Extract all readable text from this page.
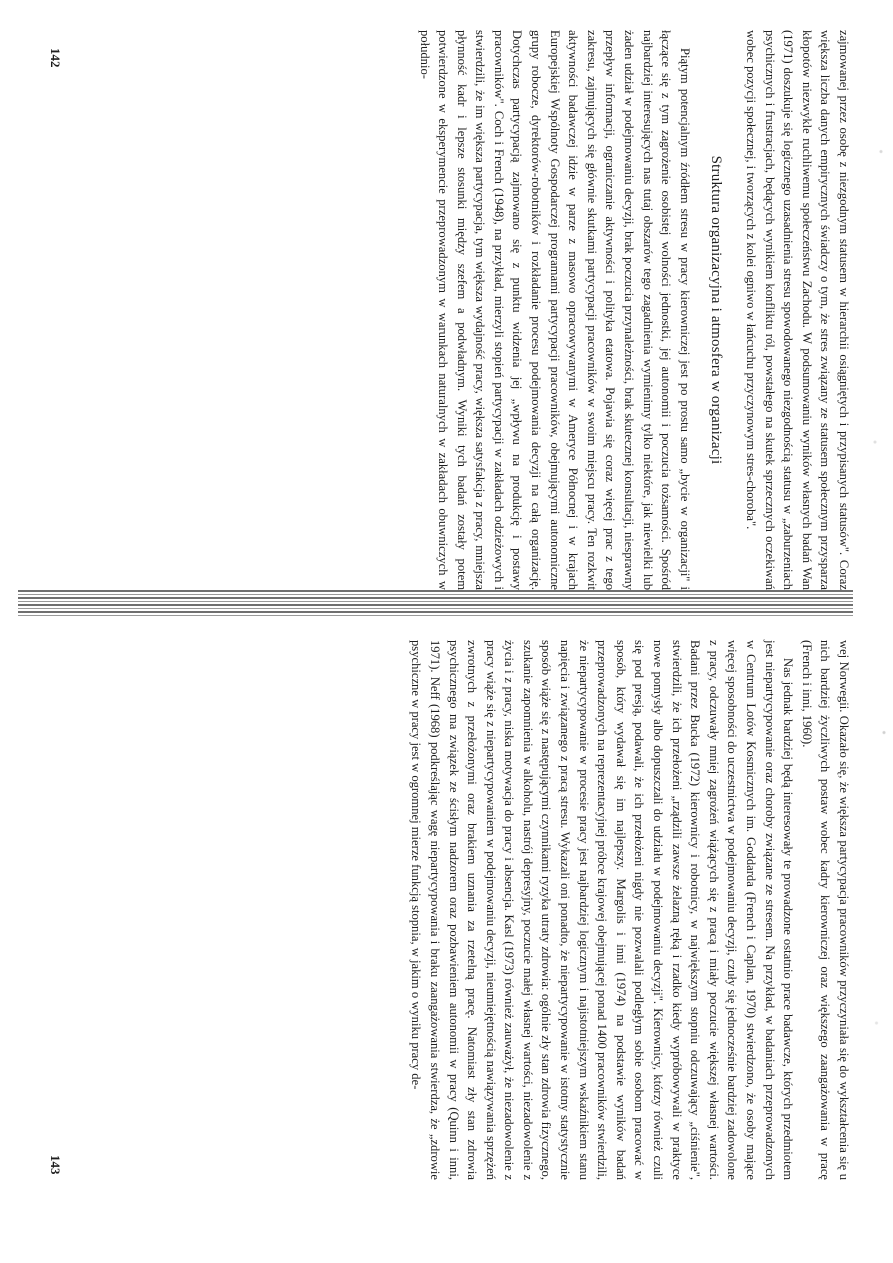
zajmowanej przez osobę z niezgodnym statusem w hierarchii osiągniętych i przypisanych statusów". Coraz większa liczba danych empirycznych świadczy o tym, że stres związany ze statusem społecznym przysparza kłopotów niezwykle ruchliwemu społeczeństwu Zachodu. W podsumowaniu wyników własnych badań Wan (1971) doszukuje się logicznego uzasadnienia stresu spowodowanego niezgodnością statusu w „zaburzeniach psychicznych i frustracjach, będących wynikiem konfliktu ról, powstałego na skutek sprzecznych oczekiwań wobec pozycji społecznej, i tworzących z kolei ogniwo w łańcuchu przyczynowym stres-choroba".

Struktura organizacyjna i atmosfera w organizacji

Piątym potencjalnym źródłem stresu w pracy kierowniczej jest po prostu samo „bycie w organizacji" i łączące się z tym zagrożenie osobistej wolności jednostki, jej autonomii i poczucia tożsamości. Spośród najbardziej interesujących nas tutaj obszarów tego zagadnienia wymienimy tylko niektóre, jak niewielki lub żaden udział w podejmowaniu decyzji, brak poczucia przynależności, brak skutecznej konsultacji, niesprawny przepływ informacji, ograniczanie aktywności i polityka etatowa. Pojawia się coraz więcej prac z tego zakresu, zajmujących się głównie skutkami partycypacji pracowników w swoim miejscu pracy. Ten rozkwit aktywności badawczej idzie w parze z masowo opracowywanymi w Ameryce Północnej i w krajach Europejskiej Wspólnoty Gospodarczej programami partycypacji pracowników, obejmującymi autonomiczne grupy robocze, dyrektorów-robotników i rozkładanie procesu podejmowania decyzji na całą organizację. Dotychczas partycypacją zajmowano się z punktu widzenia jej „wpływu na produkcję i postawy pracowników". Coch i French (1948), na przykład, mierzyli stopień partycypacji w zakładach odzieżowych i stwierdzili, że im większa partycypacja, tym większa wydajność pracy, większa satysfakcja z pracy, mniejsza płynność kadr i lepsze stosunki między szefem a podwładnym. Wyniki tych badań zostały potem potwierdzone w eksperymencie przeprowadzonym w warunkach naturalnych w zakładach obuwniczych w południo-

wej Norwegii. Okazało się, że większa partycypacja pracowników przyczyniała się do wykształcenia się u nich bardziej życzliwych postaw wobec kadry kierowniczej oraz większego zaangażowania w pracę (French i inni, 1960).

Nas jednak bardziej będą interesowały te prowadzone ostatnio prace badawcze, których przedmiotem jest niepartycypowanie oraz choroby związane ze stresem. Na przykład, w badaniach przeprowadzonych w Centrum Lotów Kosmicznych im. Goddarda (French i Caplan, 1970) stwierdzono, że osoby mające więcej sposobności do uczestnictwa w podejmowaniu decyzji, czuły się jednocześnie bardziej zadowolone z pracy, odczuwały mniej zagrożeń wiążących się z pracą i miały poczucie większej własnej wartości. Badani przez Bucka (1972) kierownicy i robotnicy, w największym stopniu odczuwający „ciśnienie", stwierdzili, że ich przełożeni „rządzili zawsze żelazną ręką i rzadko kiedy wypróbowywali w praktyce nowe pomysły albo dopuszczali do udziału w podejmowaniu decyzji". Kierownicy, którzy również czuli się pod presją, podawali, że ich przełożeni nigdy nie pozwalali podległym sobie osobom pracować w sposób, który wydawał się im najlepszy. Margolis i inni (1974) na podstawie wyników badań przeprowadzonych na reprezentacyjnej próbce krajowej obejmującej ponad 1400 pracowników stwierdzili, że niepartycypowanie w procesie pracy jest najbardziej logicznym i najistotniejszym wskaźnikiem stanu napięcia i związanego z pracą stresu. Wykazali oni ponadto, że niepartycypowanie w istotny statystycznie sposób wiąże się z następującymi czynnikami ryzyka utraty zdrowia: ogólnie zły stan zdrowia fizycznego, szukanie zapomnienia w alkoholu, nastrój depresyjny, poczucie małej własnej wartości, niezadowolenie z życia i z pracy, niska motywacja do pracy i absencja. Kasl (1973) również zauważył, że niezadowolenie z pracy wiąże się z niepartycypowaniem w podejmowaniu decyzji, nieumiejętnością nawiązywania sprzężeń zwrotnych z przełożonymi oraz brakiem uznania za rzetelną pracę. Natomiast zły stan zdrowia psychicznego ma związek ze ścisłym nadzorem oraz pozbawieniem autonomii w pracy (Quinn i inni, 1971). Neff (1968) podkreślając wagę niepartycypowania i braku zaangażowania stwierdza, że „zdrowie psychiczne w pracy jest w ogromnej mierze funkcją stopnia, w jakim o wyniku pracy de-

142
143
